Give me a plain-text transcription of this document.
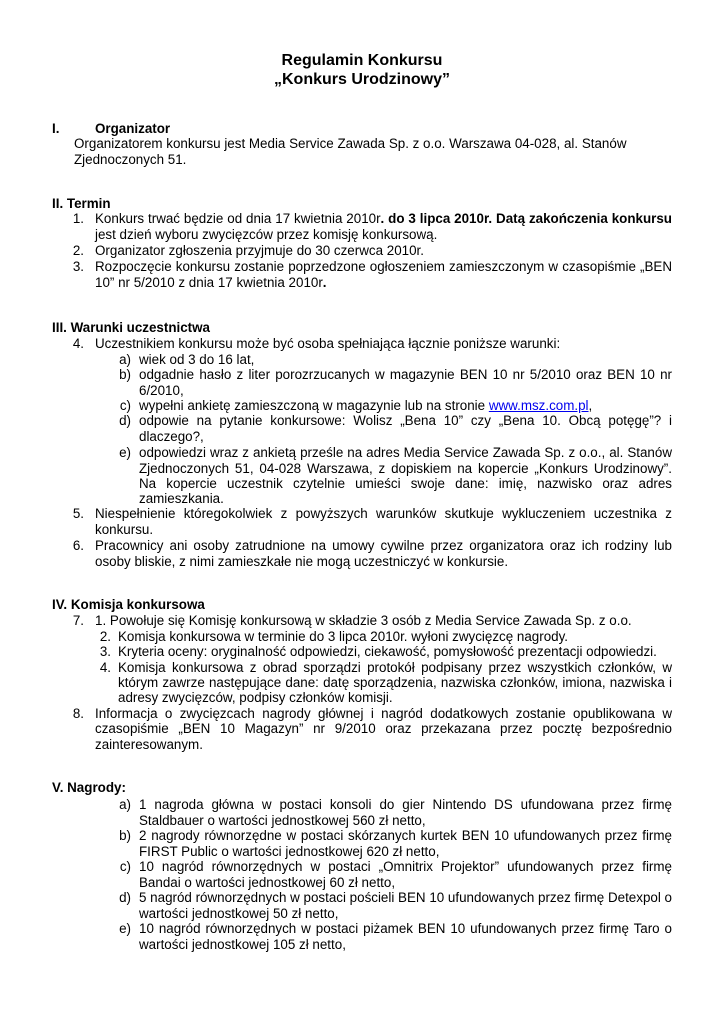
Regulamin Konkursu
„Konkurs Urodzinowy”
I.	Organizator
Organizatorem konkursu jest Media Service Zawada Sp. z o.o. Warszawa 04-028, al. Stanów
Zjednoczonych 51.
II. Termin
1. Konkurs trwać będzie od dnia 17 kwietnia 2010r. do 3 lipca 2010r. Datą zakończenia konkursu
jest dzień wyboru zwycięzców przez komisję konkursową.
2. Organizator zgłoszenia przyjmuje do 30 czerwca 2010r.
3. Rozpoczęcie konkursu zostanie poprzedzone ogłoszeniem zamieszczonym w czasopiśmie „BEN
10” nr 5/2010 z dnia 17 kwietnia 2010r.
III. Warunki uczestnictwa
4. Uczestnikiem konkursu może być osoba spełniająca łącznie poniższe warunki:
a) wiek od 3 do 16 lat,
b) odgadnie hasło z liter porozrzucanych w magazynie BEN 10 nr 5/2010 oraz BEN 10 nr
6/2010,
c) wypełni ankietę zamieszczoną w magazynie lub na stronie www.msz.com.pl,
d) odpowie na pytanie konkursowe: Wolisz „Bena 10” czy „Bena 10. Obcą potęgę”? i
dlaczego?,
e) odpowiedzi wraz z ankietą prześle na adres Media Service Zawada Sp. z o.o., al. Stanów
Zjednoczonych 51, 04-028 Warszawa, z dopiskiem na kopercie „Konkurs Urodzinowy”.
Na kopercie uczestnik czytelnie umieści swoje dane: imię, nazwisko oraz adres
zamieszkania.
5. Niespełnienie któregokolwiek z powyższych warunków skutkuje wykluczeniem uczestnika z
konkursu.
6. Pracownicy ani osoby zatrudnione na umowy cywilne przez organizatora oraz ich rodziny lub
osoby bliskie, z nimi zamieszkałe nie mogą uczestniczyć w konkursie.
IV. Komisja konkursowa
7. 1. Powołuje się Komisję konkursową w składzie 3 osób z Media Service Zawada Sp. z o.o.
2. Komisja konkursowa w terminie do 3 lipca 2010r. wyłoni zwycięzcę nagrody.
3. Kryteria oceny: oryginalność odpowiedzi, ciekawość, pomysłowość prezentacji odpowiedzi.
4. Komisja konkursowa z obrad sporządzi protokół podpisany przez wszystkich członków, w
którym zawrze następujące dane: datę sporządzenia, nazwiska członków, imiona, nazwiska i
adresy zwycięzców, podpisy członków komisji.
8. Informacja o zwycięzcach nagrody głównej i nagród dodatkowych zostanie opublikowana w
czasopiśmie „BEN 10 Magazyn” nr 9/2010 oraz przekazana przez pocztę bezpośrednio
zainteresowanym.
V. Nagrody:
a) 1 nagroda główna w postaci konsoli do gier Nintendo DS ufundowana przez firmę
Staldbauer o wartości jednostkowej 560 zł netto,
b) 2 nagrody równorzędne w postaci skórzanych kurtek BEN 10 ufundowanych przez firmę
FIRST Public o wartości jednostkowej 620 zł netto,
c) 10 nagród równorzędnych w postaci „Omnitrix Projektor” ufundowanych przez firmę
Bandai o wartości jednostkowej 60 zł netto,
d) 5 nagród równorzędnych w postaci pościeli BEN 10 ufundowanych przez firmę Detexpol o
wartości jednostkowej 50 zł netto,
e) 10 nagród równorzędnych w postaci piżamek BEN 10 ufundowanych przez firmę Taro o
wartości jednostkowej 105 zł netto,
